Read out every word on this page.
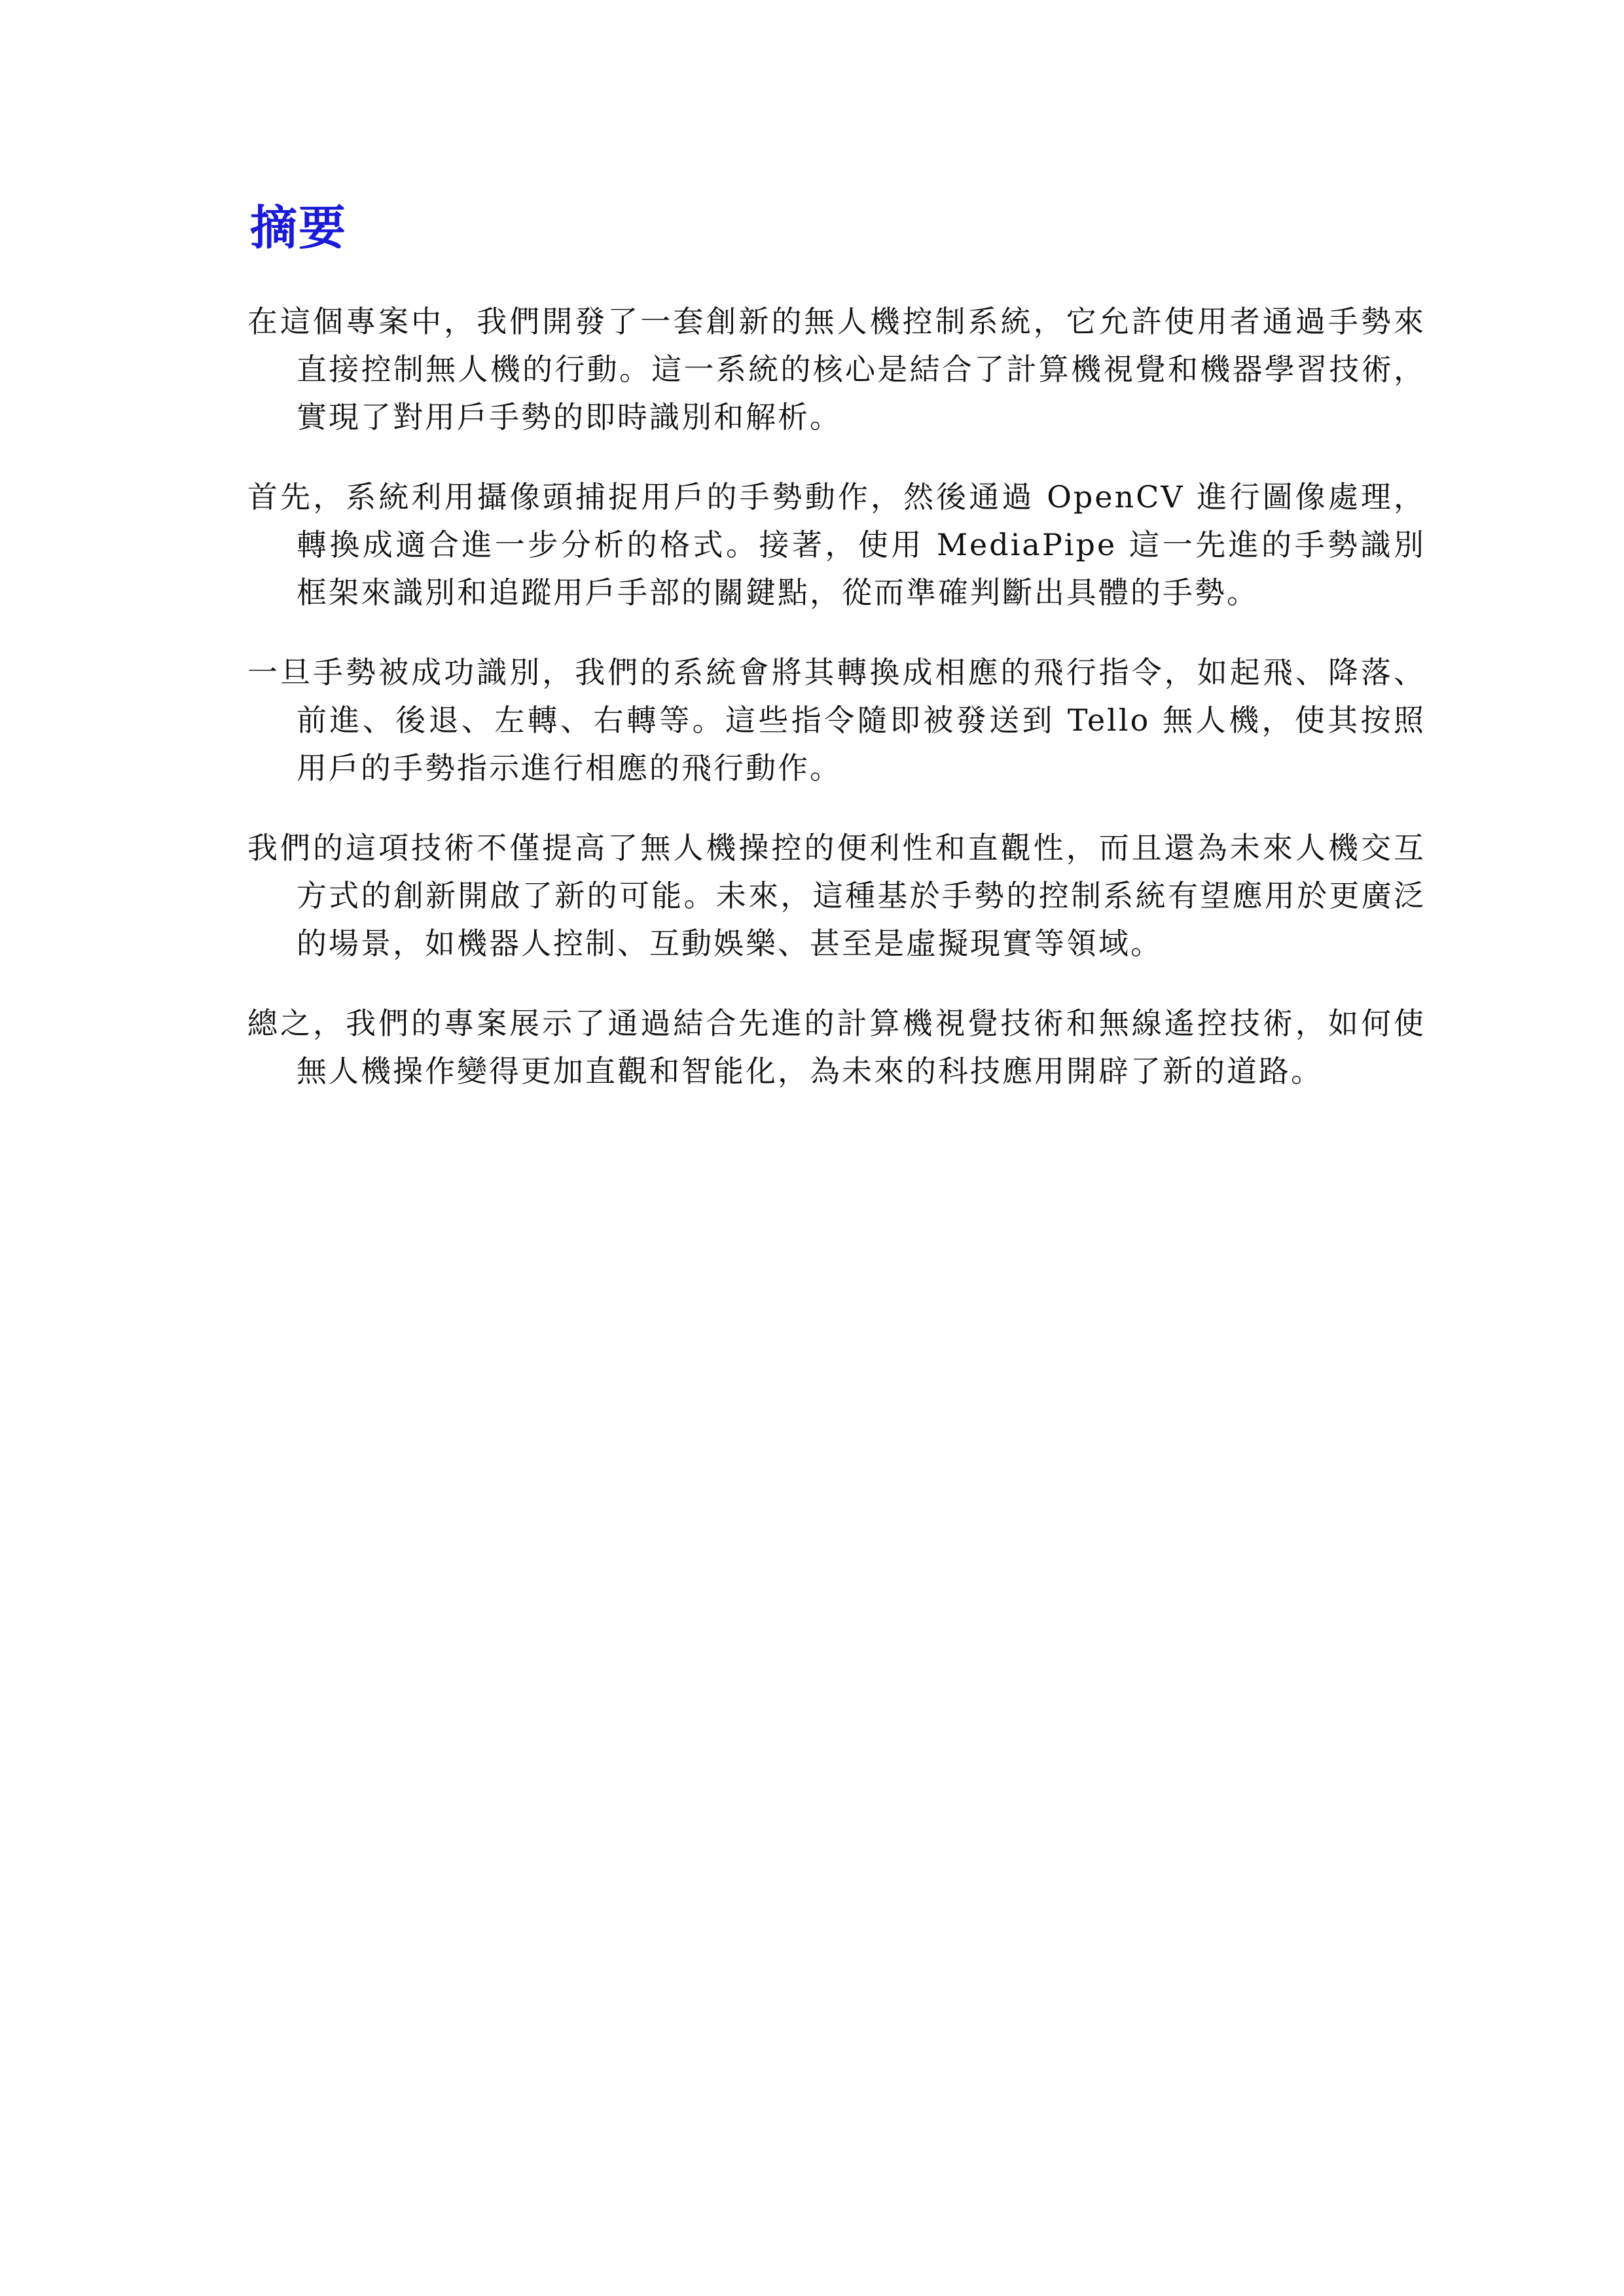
摘要

在這個專案中，我們開發了一套創新的無人機控制系統，它允許使用者通過手勢來直接控制無人機的行動。這一系統的核心是結合了計算機視覺和機器學習技術，實現了對用戶手勢的即時識別和解析。

首先，系統利用攝像頭捕捉用戶的手勢動作，然後通過 OpenCV 進行圖像處理，轉換成適合進一步分析的格式。接著，使用 MediaPipe 這一先進的手勢識別框架來識別和追蹤用戶手部的關鍵點，從而準確判斷出具體的手勢。

一旦手勢被成功識別，我們的系統會將其轉換成相應的飛行指令，如起飛、降落、前進、後退、左轉、右轉等。這些指令隨即被發送到 Tello 無人機，使其按照用戶的手勢指示進行相應的飛行動作。

我們的這項技術不僅提高了無人機操控的便利性和直觀性，而且還為未來人機交互方式的創新開啟了新的可能。未來，這種基於手勢的控制系統有望應用於更廣泛的場景，如機器人控制、互動娛樂、甚至是虛擬現實等領域。

總之，我們的專案展示了通過結合先進的計算機視覺技術和無線遙控技術，如何使無人機操作變得更加直觀和智能化，為未來的科技應用開辟了新的道路。
